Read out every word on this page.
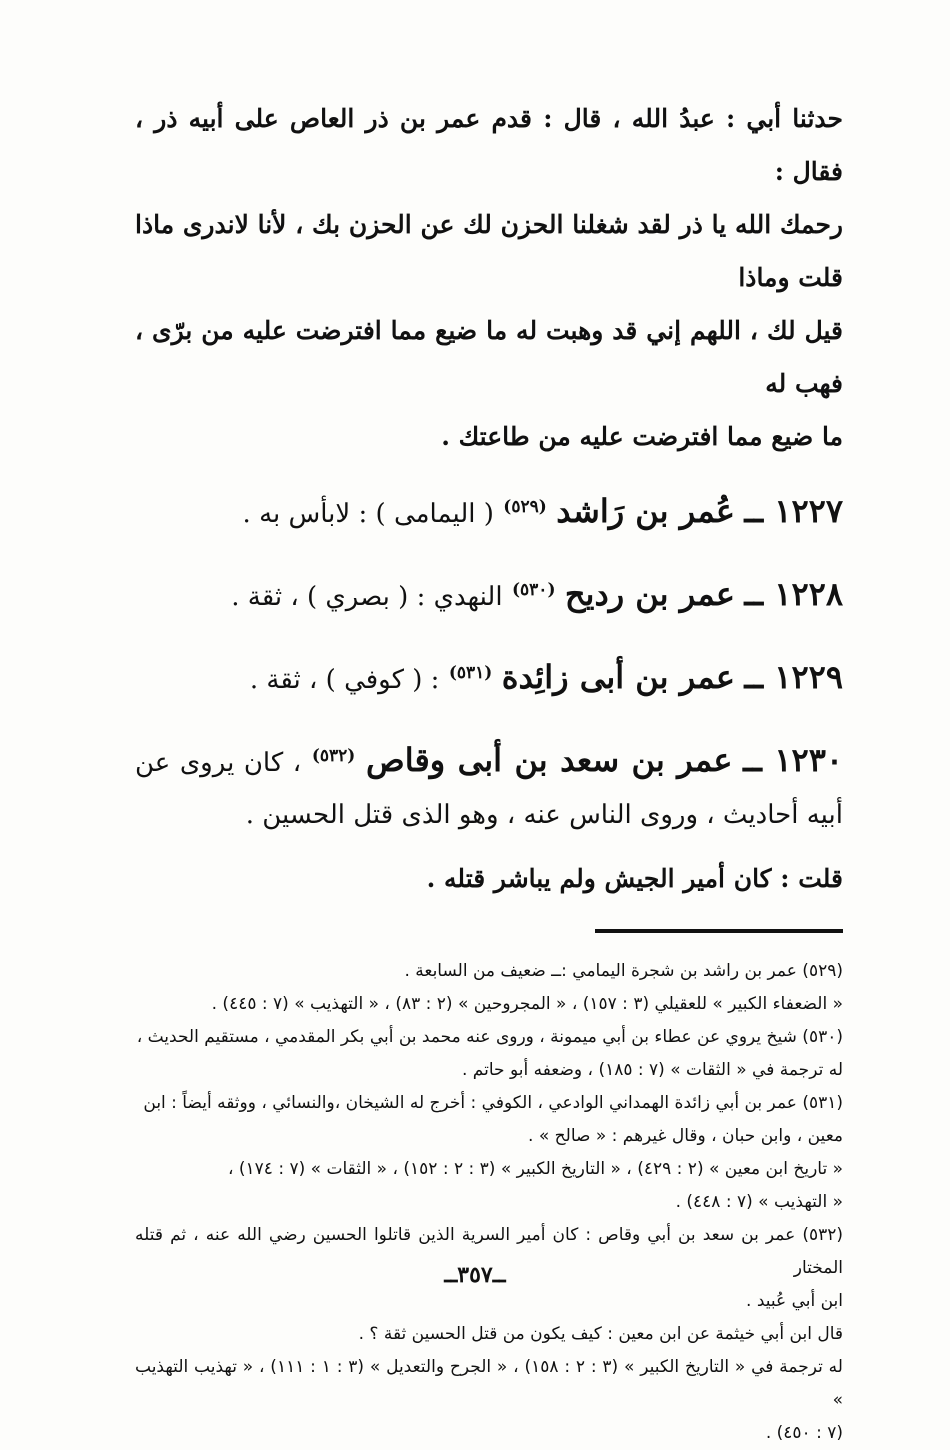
حدثنا أبي : عبدُ الله ، قال : قدم عمر بن ذر العاص على أبيه ذر ، فقال :

رحمك الله يا ذر لقد شغلنا الحزن لك عن الحزن بك ، لأنا لاندرى ماذا قلت وماذا

قيل لك ، اللهم إني قد وهبت له ما ضيع مما افترضت عليه من برّى ، فهب له

ما ضيع مما افترضت عليه من طاعتك .

١٢٢٧ ــ عُمر بن رَاشد $^{(٥٢٩)}$ ( اليمامى ) : لابأس به .

١٢٢٨ ــ عمر بن رديح $^{(٥٣٠)}$ النهدي : ( بصري ) ، ثقة .

١٢٢٩ ــ عمر بن أبى زائِدة $^{(٥٣١)}$ : ( كوفي ) ، ثقة .

١٢٣٠ ــ عمر بن سعد بن أبى وقاص $^{(٥٣٢)}$ ، كان يروى عن أبيه أحاديث ، وروى الناس عنه ، وهو الذى قتل الحسين .

قلت : كان أمير الجيش ولم يباشر قتله .

(٥٢٩) عمر بن راشد بن شجرة اليمامي :ــ ضعيف من السابعة .

« الضعفاء الكبير » للعقيلي (٣ : ١٥٧) ، « المجروحين » (٢ : ٨٣) ، « التهذيب » (٧ : ٤٤٥) .

(٥٣٠) شيخ يروي عن عطاء بن أبي ميمونة ، وروى عنه محمد بن أبي بكر المقدمي ، مستقيم الحديث ،

له ترجمة في « الثقات » (٧ : ١٨٥) ، وضعفه أبو حاتم .

(٥٣١) عمر بن أبي زائدة الهمداني الوادعي ، الكوفي : أخرج له الشيخان ،والنسائي ، ووثقه أيضاً : ابن

معين ، وابن حبان ، وقال غيرهم : « صالح » .

« تاريخ ابن معين » (٢ : ٤٢٩) ، « التاريخ الكبير » (٣ : ٢ : ١٥٢) ، « الثقات » (٧ : ١٧٤) ،

« التهذيب » (٧ : ٤٤٨) .

(٥٣٢) عمر بن سعد بن أبي وقاص : كان أمير السرية الذين قاتلوا الحسين رضي الله عنه ، ثم قتله المختار

ابن أبي عُبيد .

قال ابن أبي خيثمة عن ابن معين : كيف يكون من قتل الحسين ثقة ؟ .

له ترجمة في « التاريخ الكبير » (٣ : ٢ : ١٥٨) ، « الجرح والتعديل » (٣ : ١ : ١١١) ، « تهذيب التهذيب »

(٧ : ٤٥٠) .

ــ٣٥٧ــ
